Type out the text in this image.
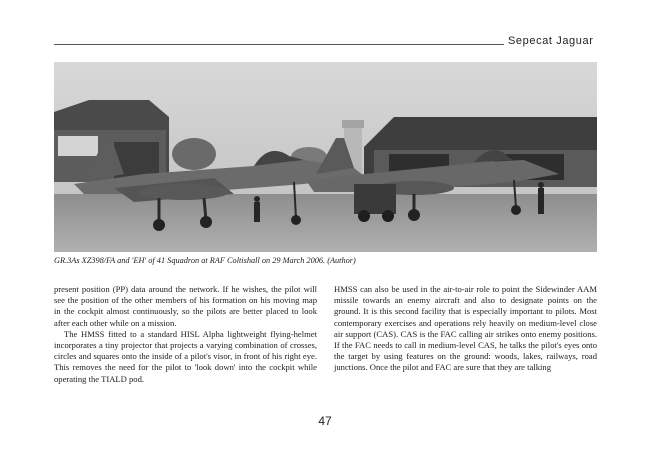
Sepecat Jaguar
GR.3As XZ398/FA and 'EH' of 41 Squadron at RAF Coltishall on 29 March 2006. (Author)

present position (PP) data around the network. If he wishes, the pilot will see the position of the other members of his formation on his moving map in the cockpit almost continuously, so the pilots are better placed to look after each other while on a mission.

The HMSS fitted to a standard HISL Alpha lightweight flying-helmet incorporates a tiny projector that projects a varying combination of crosses, circles and squares onto the inside of a pilot's visor, in front of his right eye. This removes the need for the pilot to 'look down' into the cockpit while operating the TIALD pod.

HMSS can also be used in the air-to-air role to point the Sidewinder AAM missile towards an enemy aircraft and also to designate points on the ground. It is this second facility that is especially important to pilots. Most contemporary exercises and operations rely heavily on medium-level close air support (CAS). CAS is the FAC calling air strikes onto enemy positions. If the FAC needs to call in medium-level CAS, he talks the pilot's eyes onto the target by using features on the ground: woods, lakes, railways, road junctions. Once the pilot and FAC are sure that they are talking

47
